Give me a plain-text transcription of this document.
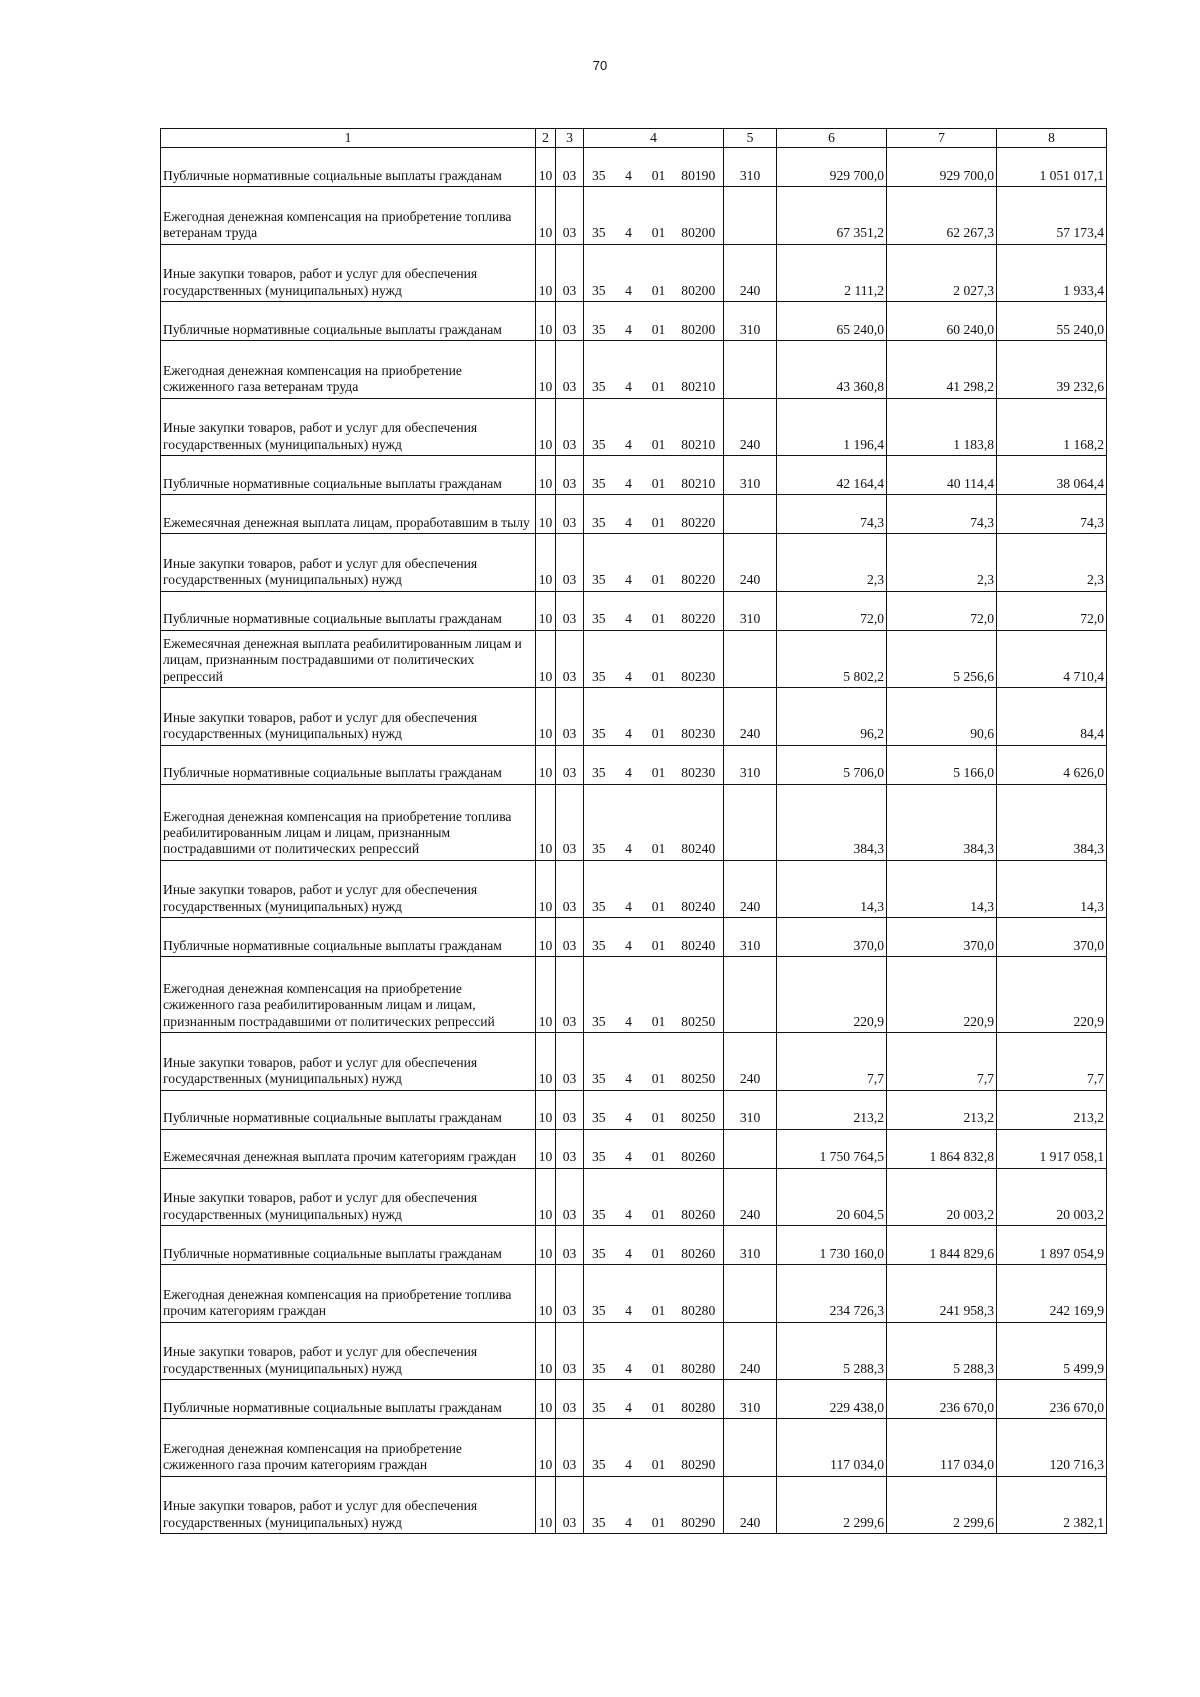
70
1	2	3	4				5	6	7	8
Публичные нормативные социальные выплаты гражданам	10	03	35	4	01	80190	310	929 700,0	929 700,0	1 051 017,1
Ежегодная денежная компенсация на приобретение топлива ветеранам труда	10	03	35	4	01	80200		67 351,2	62 267,3	57 173,4
Иные закупки товаров, работ и услуг для обеспечения государственных (муниципальных) нужд	10	03	35	4	01	80200	240	2 111,2	2 027,3	1 933,4
Публичные нормативные социальные выплаты гражданам	10	03	35	4	01	80200	310	65 240,0	60 240,0	55 240,0
Ежегодная денежная компенсация на приобретение сжиженного газа ветеранам труда	10	03	35	4	01	80210		43 360,8	41 298,2	39 232,6
Иные закупки товаров, работ и услуг для обеспечения государственных (муниципальных) нужд	10	03	35	4	01	80210	240	1 196,4	1 183,8	1 168,2
Публичные нормативные социальные выплаты гражданам	10	03	35	4	01	80210	310	42 164,4	40 114,4	38 064,4
Ежемесячная денежная выплата лицам, проработавшим в тылу	10	03	35	4	01	80220		74,3	74,3	74,3
Иные закупки товаров, работ и услуг для обеспечения государственных (муниципальных) нужд	10	03	35	4	01	80220	240	2,3	2,3	2,3
Публичные нормативные социальные выплаты гражданам	10	03	35	4	01	80220	310	72,0	72,0	72,0
Ежемесячная денежная выплата реабилитированным лицам и лицам, признанным пострадавшими от политических репрессий	10	03	35	4	01	80230		5 802,2	5 256,6	4 710,4
Иные закупки товаров, работ и услуг для обеспечения государственных (муниципальных) нужд	10	03	35	4	01	80230	240	96,2	90,6	84,4
Публичные нормативные социальные выплаты гражданам	10	03	35	4	01	80230	310	5 706,0	5 166,0	4 626,0
Ежегодная денежная компенсация на приобретение топлива реабилитированным лицам и лицам, признанным пострадавшими от политических репрессий	10	03	35	4	01	80240		384,3	384,3	384,3
Иные закупки товаров, работ и услуг для обеспечения государственных (муниципальных) нужд	10	03	35	4	01	80240	240	14,3	14,3	14,3
Публичные нормативные социальные выплаты гражданам	10	03	35	4	01	80240	310	370,0	370,0	370,0
Ежегодная денежная компенсация на приобретение сжиженного газа реабилитированным лицам и лицам, признанным пострадавшими от политических репрессий	10	03	35	4	01	80250		220,9	220,9	220,9
Иные закупки товаров, работ и услуг для обеспечения государственных (муниципальных) нужд	10	03	35	4	01	80250	240	7,7	7,7	7,7
Публичные нормативные социальные выплаты гражданам	10	03	35	4	01	80250	310	213,2	213,2	213,2
Ежемесячная денежная выплата прочим категориям граждан	10	03	35	4	01	80260		1 750 764,5	1 864 832,8	1 917 058,1
Иные закупки товаров, работ и услуг для обеспечения государственных (муниципальных) нужд	10	03	35	4	01	80260	240	20 604,5	20 003,2	20 003,2
Публичные нормативные социальные выплаты гражданам	10	03	35	4	01	80260	310	1 730 160,0	1 844 829,6	1 897 054,9
Ежегодная денежная компенсация на приобретение топлива прочим категориям граждан	10	03	35	4	01	80280		234 726,3	241 958,3	242 169,9
Иные закупки товаров, работ и услуг для обеспечения государственных (муниципальных) нужд	10	03	35	4	01	80280	240	5 288,3	5 288,3	5 499,9
Публичные нормативные социальные выплаты гражданам	10	03	35	4	01	80280	310	229 438,0	236 670,0	236 670,0
Ежегодная денежная компенсация на приобретение сжиженного газа прочим категориям граждан	10	03	35	4	01	80290		117 034,0	117 034,0	120 716,3
Иные закупки товаров, работ и услуг для обеспечения государственных (муниципальных) нужд	10	03	35	4	01	80290	240	2 299,6	2 299,6	2 382,1
